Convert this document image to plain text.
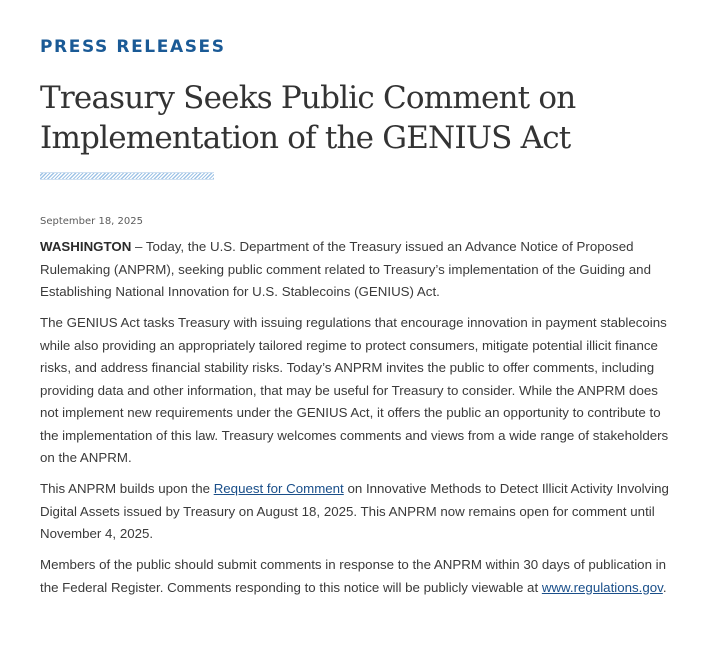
PRESS RELEASES
Treasury Seeks Public Comment on Implementation of the GENIUS Act
September 18, 2025

WASHINGTON – Today, the U.S. Department of the Treasury issued an Advance Notice of Proposed Rulemaking (ANPRM), seeking public comment related to Treasury’s implementation of the Guiding and Establishing National Innovation for U.S. Stablecoins (GENIUS) Act.

The GENIUS Act tasks Treasury with issuing regulations that encourage innovation in payment stablecoins while also providing an appropriately tailored regime to protect consumers, mitigate potential illicit finance risks, and address financial stability risks. Today’s ANPRM invites the public to offer comments, including providing data and other information, that may be useful for Treasury to consider. While the ANPRM does not implement new requirements under the GENIUS Act, it offers the public an opportunity to contribute to the implementation of this law. Treasury welcomes comments and views from a wide range of stakeholders on the ANPRM.

This ANPRM builds upon the Request for Comment on Innovative Methods to Detect Illicit Activity Involving Digital Assets issued by Treasury on August 18, 2025. This ANPRM now remains open for comment until November 4, 2025.

Members of the public should submit comments in response to the ANPRM within 30 days of publication in the Federal Register. Comments responding to this notice will be publicly viewable at www.regulations.gov.
